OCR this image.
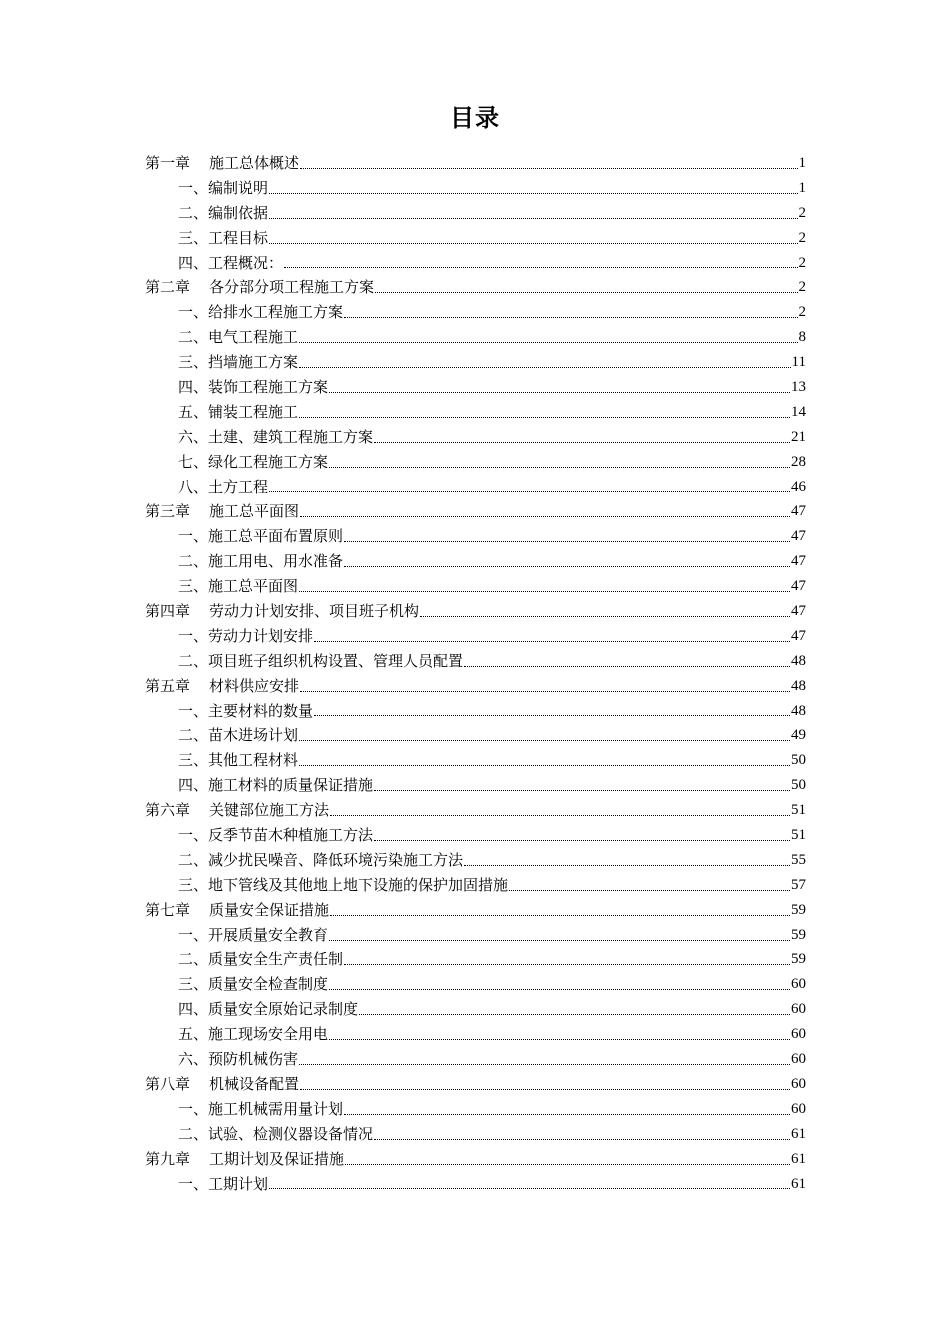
目录
第一章 施工总体概述	1
一、编制说明	1
二、编制依据	2
三、工程目标	2
四、工程概况：	2
第二章 各分部分项工程施工方案	2
一、给排水工程施工方案	2
二、电气工程施工	8
三、挡墙施工方案	11
四、装饰工程施工方案	13
五、铺装工程施工	14
六、土建、建筑工程施工方案	21
七、绿化工程施工方案	28
八、土方工程	46
第三章 施工总平面图	47
一、施工总平面布置原则	47
二、施工用电、用水准备	47
三、施工总平面图	47
第四章 劳动力计划安排、项目班子机构	47
一、劳动力计划安排	47
二、项目班子组织机构设置、管理人员配置	48
第五章 材料供应安排	48
一、主要材料的数量	48
二、苗木进场计划	49
三、其他工程材料	50
四、施工材料的质量保证措施	50
第六章 关键部位施工方法	51
一、反季节苗木种植施工方法	51
二、减少扰民噪音、降低环境污染施工方法	55
三、地下管线及其他地上地下设施的保护加固措施	57
第七章 质量安全保证措施	59
一、开展质量安全教育	59
二、质量安全生产责任制	59
三、质量安全检查制度	60
四、质量安全原始记录制度	60
五、施工现场安全用电	60
六、预防机械伤害	60
第八章 机械设备配置	60
一、施工机械需用量计划	60
二、试验、检测仪器设备情况	61
第九章 工期计划及保证措施	61
一、工期计划	61
